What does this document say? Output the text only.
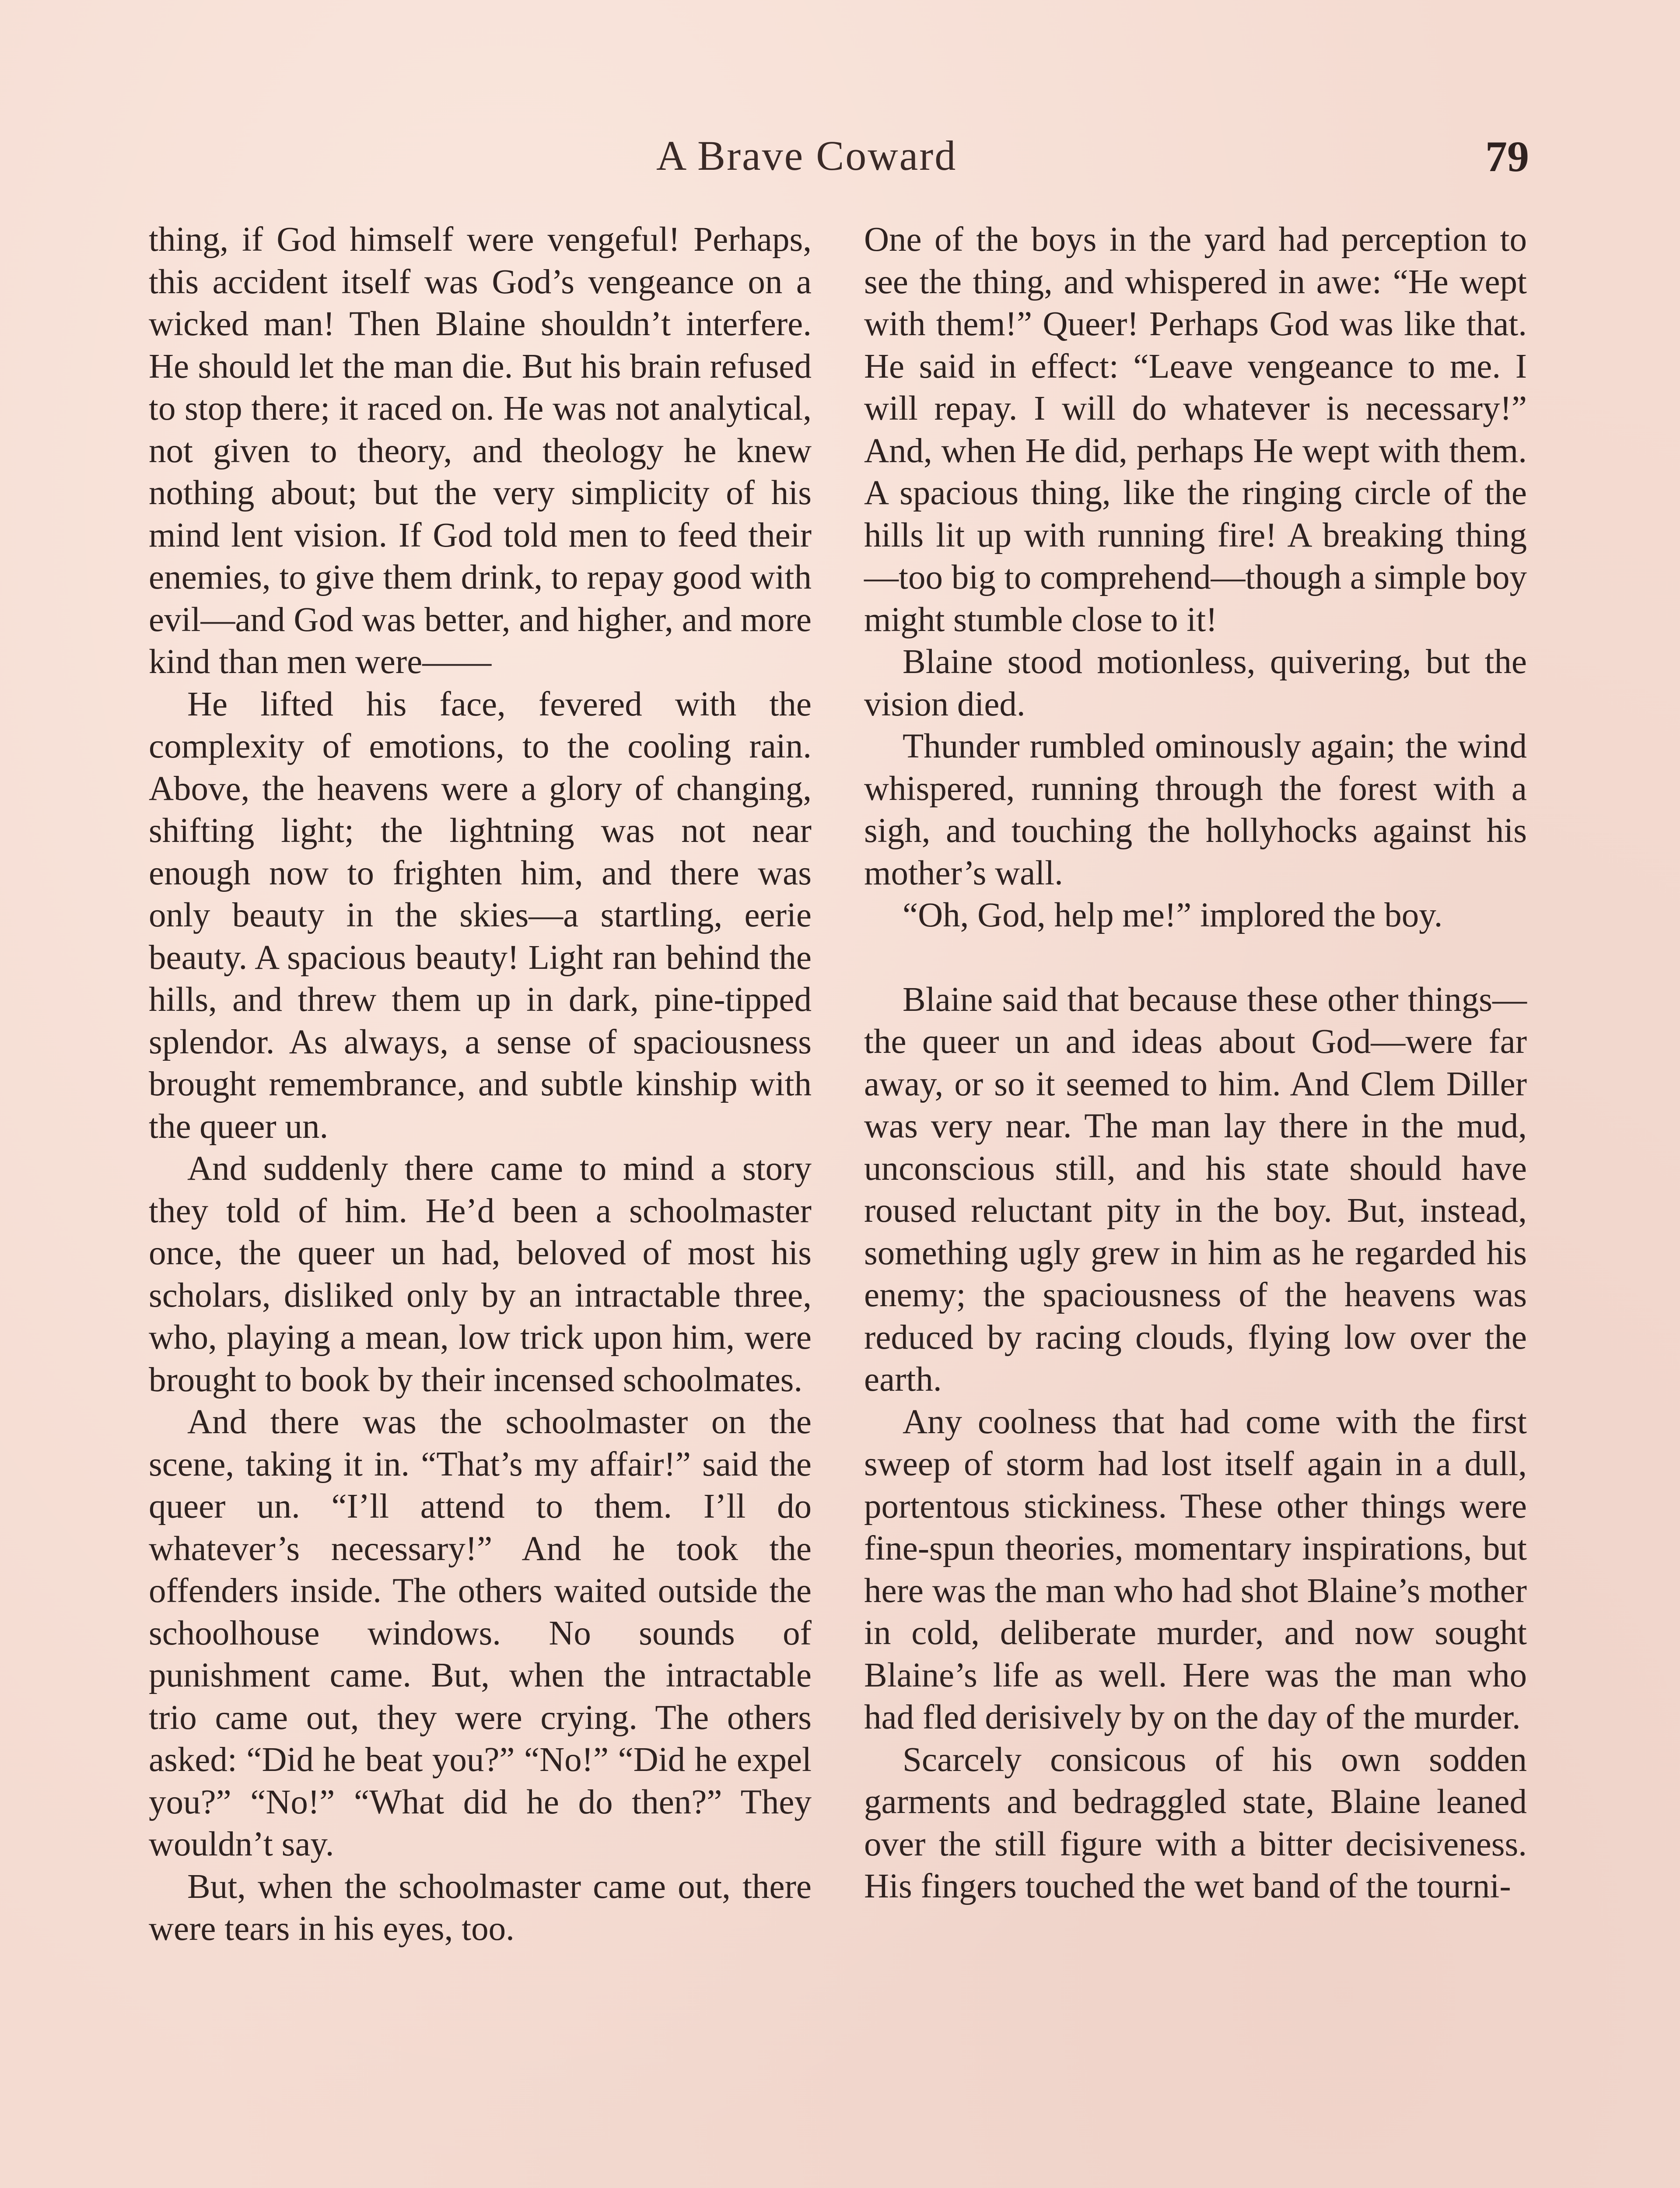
A Brave Coward	79

thing, if God himself were vengeful! Perhaps, this accident itself was God’s vengeance on a wicked man! Then Blaine shouldn’t interfere. He should let the man die. But his brain refused to stop there; it raced on. He was not analytical, not given to theory, and theology he knew nothing about; but the very simplicity of his mind lent vision. If God told men to feed their enemies, to give them drink, to repay good with evil—and God was better, and higher, and more kind than men were——

He lifted his face, fevered with the complexity of emotions, to the cooling rain. Above, the heavens were a glory of changing, shifting light; the lightning was not near enough now to frighten him, and there was only beauty in the skies—a startling, eerie beauty. A spacious beauty! Light ran behind the hills, and threw them up in dark, pine-tipped splendor. As always, a sense of spaciousness brought remembrance, and subtle kinship with the queer un.

And suddenly there came to mind a story they told of him. He’d been a schoolmaster once, the queer un had, beloved of most his scholars, disliked only by an intractable three, who, playing a mean, low trick upon him, were brought to book by their incensed schoolmates.

And there was the schoolmaster on the scene, taking it in. “That’s my affair!” said the queer un. “I’ll attend to them. I’ll do whatever’s necessary!” And he took the offenders inside. The others waited outside the schoolhouse windows. No sounds of punishment came. But, when the intractable trio came out, they were crying. The others asked: “Did he beat you?” “No!” “Did he expel you?” “No!” “What did he do then?” They wouldn’t say.

But, when the schoolmaster came out, there were tears in his eyes, too.

One of the boys in the yard had perception to see the thing, and whispered in awe: “He wept with them!” Queer! Perhaps God was like that. He said in effect: “Leave vengeance to me. I will repay. I will do whatever is necessary!” And, when He did, perhaps He wept with them. A spacious thing, like the ringing circle of the hills lit up with running fire! A breaking thing—too big to comprehend—though a simple boy might stumble close to it!

Blaine stood motionless, quivering, but the vision died.

Thunder rumbled ominously again; the wind whispered, running through the forest with a sigh, and touching the hollyhocks against his mother’s wall.

“Oh, God, help me!” implored the boy.

Blaine said that because these other things—the queer un and ideas about God—were far away, or so it seemed to him. And Clem Diller was very near. The man lay there in the mud, unconscious still, and his state should have roused reluctant pity in the boy. But, instead, something ugly grew in him as he regarded his enemy; the spaciousness of the heavens was reduced by racing clouds, flying low over the earth.

Any coolness that had come with the first sweep of storm had lost itself again in a dull, portentous stickiness. These other things were fine-spun theories, momentary inspirations, but here was the man who had shot Blaine’s mother in cold, deliberate murder, and now sought Blaine’s life as well. Here was the man who had fled derisively by on the day of the murder.

Scarcely consicous of his own sodden garments and bedraggled state, Blaine leaned over the still figure with a bitter decisiveness. His fingers touched the wet band of the tourni-
